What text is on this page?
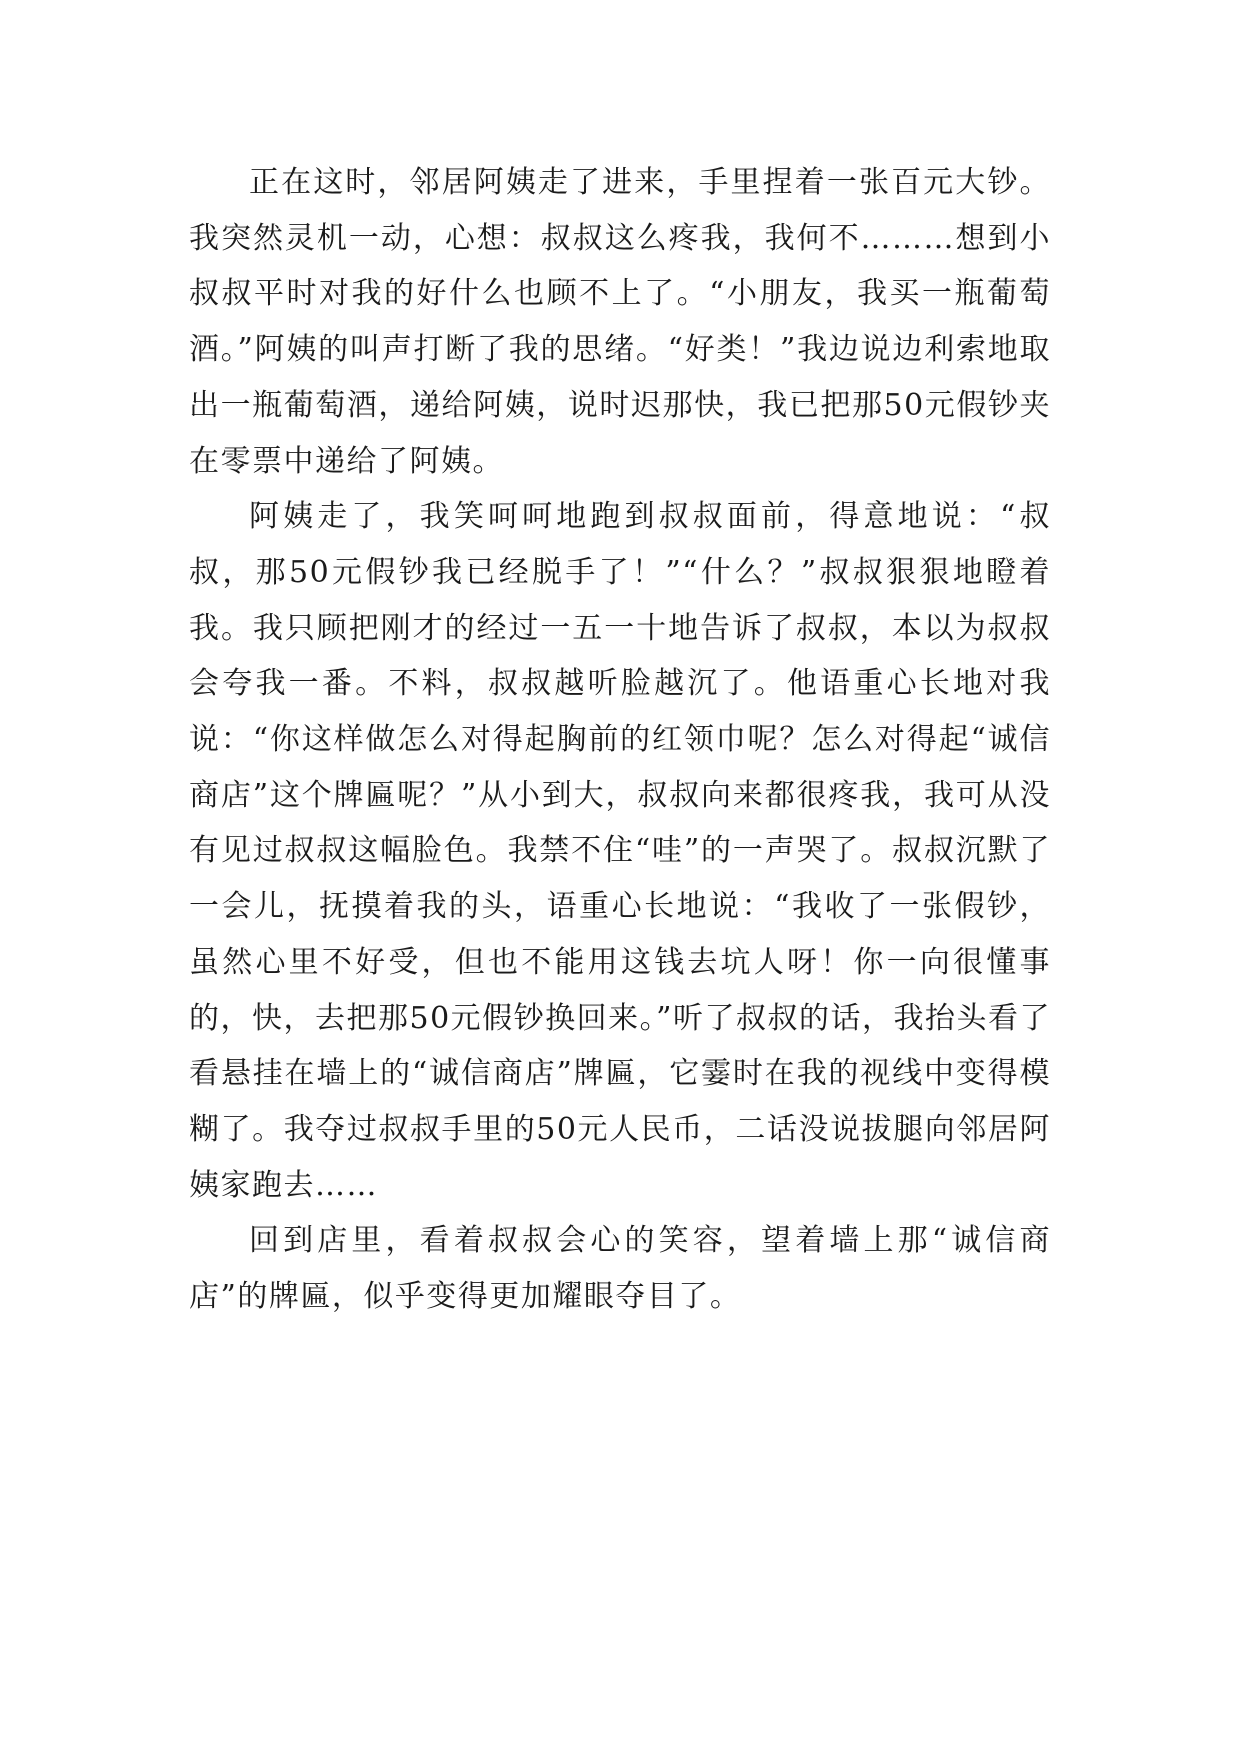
正在这时，邻居阿姨走了进来，手里捏着一张百元大钞。我突然灵机一动，心想：叔叔这么疼我，我何不………想到小叔叔平时对我的好什么也顾不上了。“小朋友，我买一瓶葡萄酒。”阿姨的叫声打断了我的思绪。“好类！”我边说边利索地取出一瓶葡萄酒，递给阿姨，说时迟那快，我已把那50元假钞夹在零票中递给了阿姨。

阿姨走了，我笑呵呵地跑到叔叔面前，得意地说：“叔叔，那50元假钞我已经脱手了！”“什么？”叔叔狠狠地瞪着我。我只顾把刚才的经过一五一十地告诉了叔叔，本以为叔叔会夸我一番。不料，叔叔越听脸越沉了。他语重心长地对我说：“你这样做怎么对得起胸前的红领巾呢？怎么对得起“诚信商店”这个牌匾呢？”从小到大，叔叔向来都很疼我，我可从没有见过叔叔这幅脸色。我禁不住“哇”的一声哭了。叔叔沉默了一会儿，抚摸着我的头，语重心长地说：“我收了一张假钞，虽然心里不好受，但也不能用这钱去坑人呀！你一向很懂事的，快，去把那50元假钞换回来。”听了叔叔的话，我抬头看了看悬挂在墙上的“诚信商店”牌匾，它霎时在我的视线中变得模糊了。我夺过叔叔手里的50元人民币，二话没说拔腿向邻居阿姨家跑去……

回到店里，看着叔叔会心的笑容，望着墙上那“诚信商店”的牌匾，似乎变得更加耀眼夺目了。
